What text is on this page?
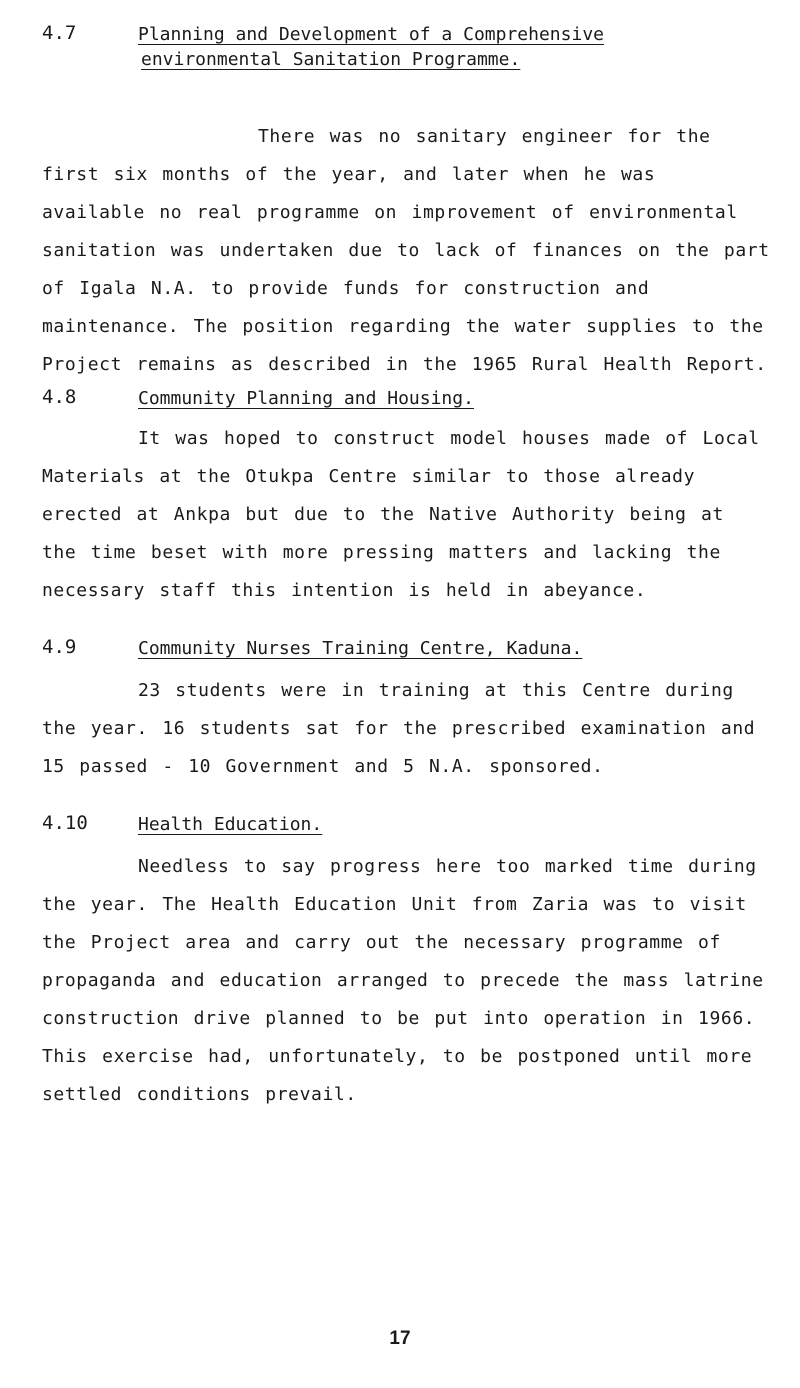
4.7	Planning and Development of a Comprehensive
environmental Sanitation Programme.
There was no sanitary engineer for the first six months of the year, and later when he was available no real programme on improvement of environmental sanitation was undertaken due to lack of finances on the part of Igala N.A. to provide funds for construction and maintenance. The position regarding the water supplies to the Project remains as described in the 1965 Rural Health Report.
4.8	Community Planning and Housing.
It was hoped to construct model houses made of Local Materials at the Otukpa Centre similar to those already erected at Ankpa but due to the Native Authority being at the time beset with more pressing matters and lacking the necessary staff this intention is held in abeyance.
4.9	Community Nurses Training Centre, Kaduna.
23 students were in training at this Centre during the year. 16 students sat for the prescribed examination and 15 passed - 10 Government and 5 N.A. sponsored.
4.10	Health Education.
Needless to say progress here too marked time during the year. The Health Education Unit from Zaria was to visit the Project area and carry out the necessary programme of propaganda and education arranged to precede the mass latrine construction drive planned to be put into operation in 1966. This exercise had, unfortunately, to be postponed until more settled conditions prevail.
17
